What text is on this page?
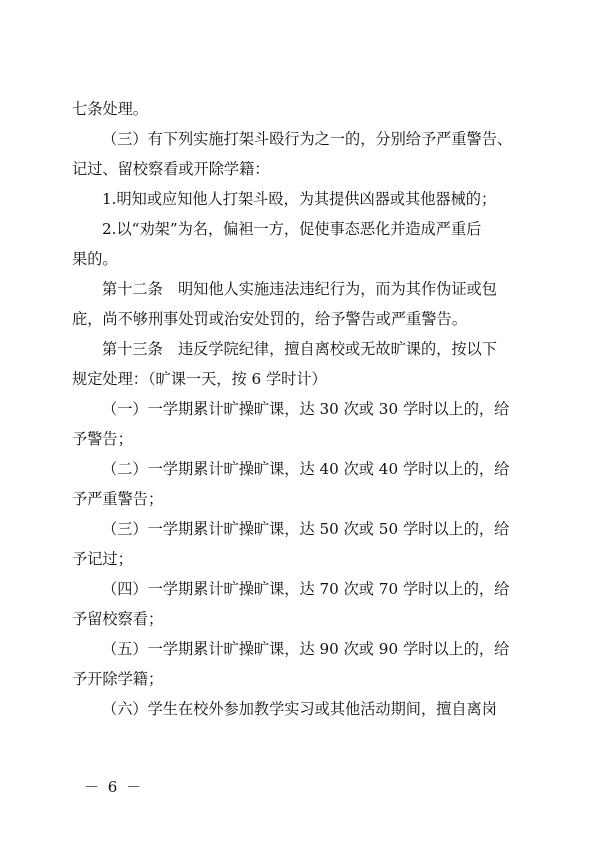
七条处理。
（三）有下列实施打架斗殴行为之一的，分别给予严重警告、
记过、留校察看或开除学籍：
1.明知或应知他人打架斗殴，为其提供凶器或其他器械的；
2.以“劝架”为名，偏袒一方，促使事态恶化并造成严重后
果的。
第十二条　明知他人实施违法违纪行为，而为其作伪证或包
庇，尚不够刑事处罚或治安处罚的，给予警告或严重警告。
第十三条　违反学院纪律，擅自离校或无故旷课的，按以下
规定处理：（旷课一天，按 6 学时计）
（一）一学期累计旷操旷课，达 30 次或 30 学时以上的，给
予警告；
（二）一学期累计旷操旷课，达 40 次或 40 学时以上的，给
予严重警告；
（三）一学期累计旷操旷课，达 50 次或 50 学时以上的，给
予记过；
（四）一学期累计旷操旷课，达 70 次或 70 学时以上的，给
予留校察看；
（五）一学期累计旷操旷课，达 90 次或 90 学时以上的，给
予开除学籍；
（六）学生在校外参加教学实习或其他活动期间，擅自离岗
－ 6 －
